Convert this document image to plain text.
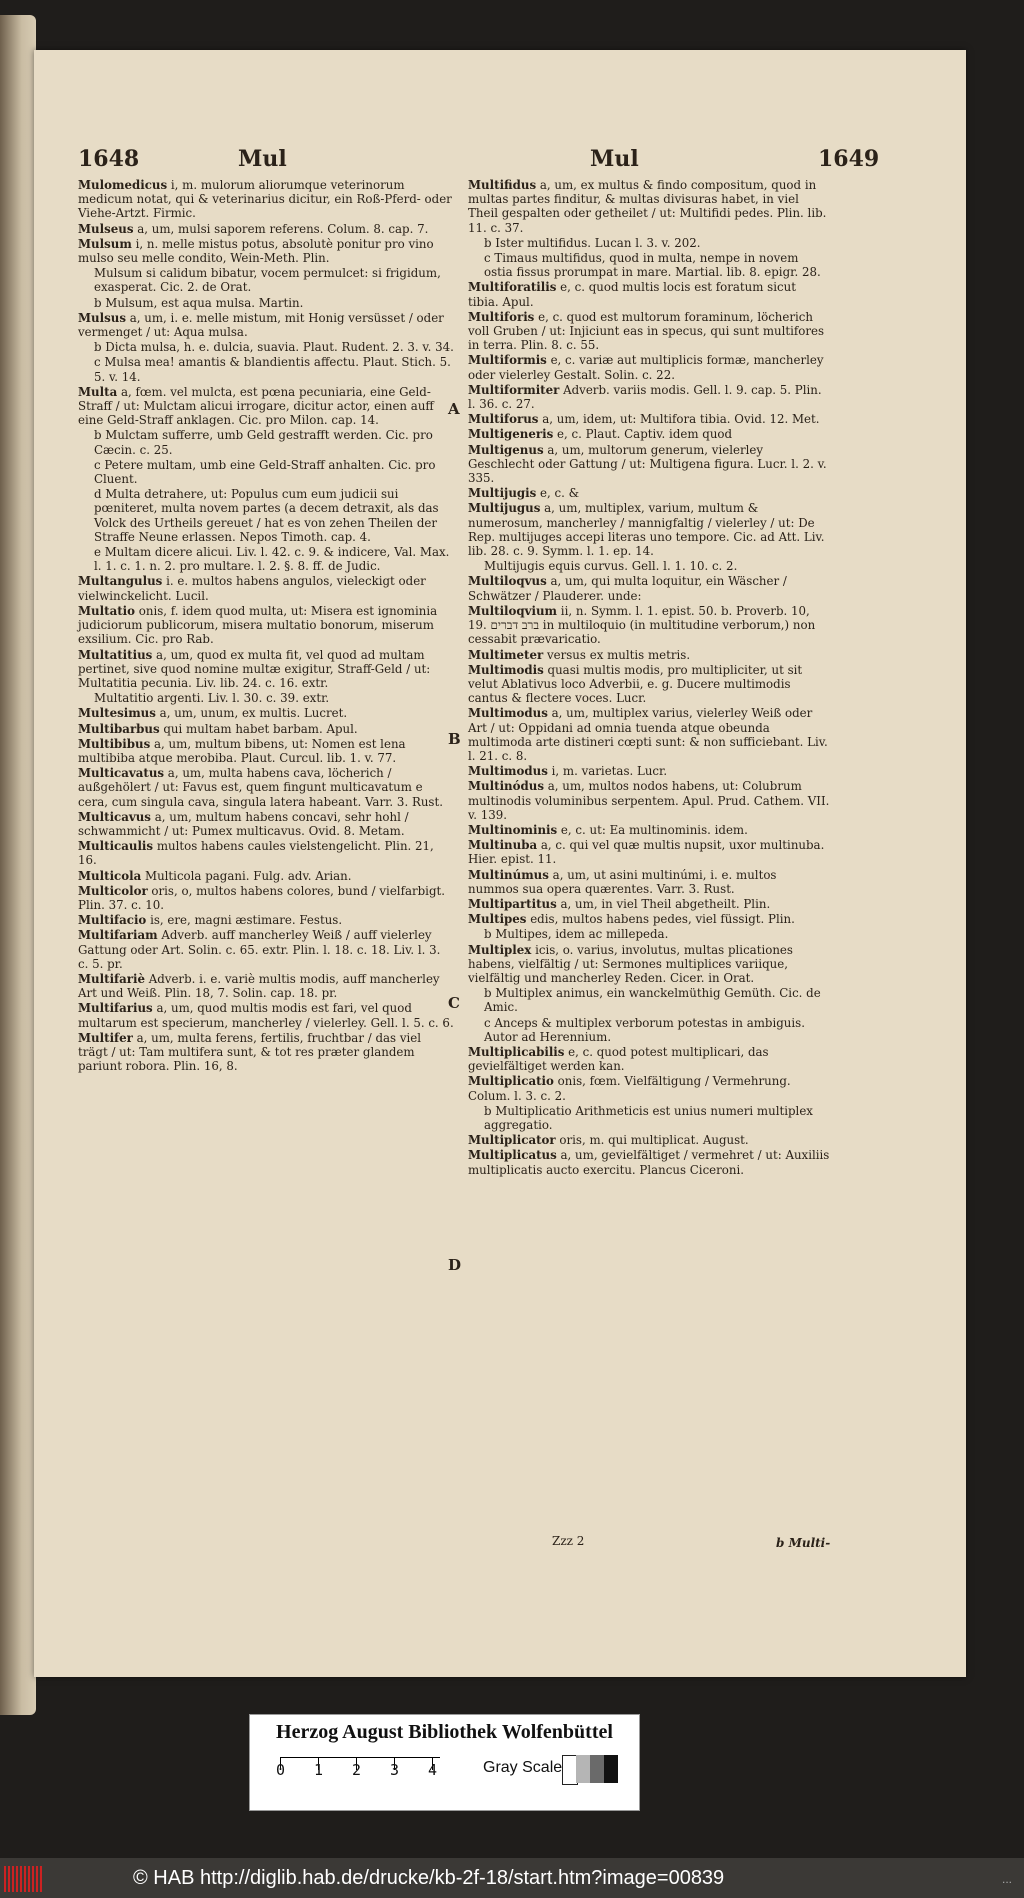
1648	Mul	Mul	1649
Mulomedicus i, m. mulorum aliorumque veterinorum medicum notat, qui & veterinarius dicitur, ein Roß-Pferd- oder Viehe-Artzt. Firmic.
Mulseus a, um, mulsi saporem referens. Colum. 8. cap. 7.
Mulsum i, n. melle mistus potus, absolutè ponitur pro vino mulso seu melle condito, Wein-Meth. Plin.
Mulsum si calidum bibatur, vocem permulcet: si frigidum, exasperat. Cic. 2. de Orat.
b Mulsum, est aqua mulsa. Martin.
Mulsus a, um, i. e. melle mistum, mit Honig versüsset / oder vermenget / ut: Aqua mulsa.
b Dicta mulsa, h. e. dulcia, suavia. Plaut. Rudent. 2. 3. v. 34.
c Mulsa mea! amantis & blandientis affectu. Plaut. Stich. 5. 5. v. 14.
Multa a, fœm. vel mulcta, est pœna pecuniaria, eine Geld-Straff / ut: Mulctam alicui irrogare, dicitur actor, einen auff eine Geld-Straff anklagen. Cic. pro Milon. cap. 14.
b Mulctam sufferre, umb Geld gestrafft werden. Cic. pro Cæcin. c. 25.
c Petere multam, umb eine Geld-Straff anhalten. Cic. pro Cluent.
d Multa detrahere, ut: Populus cum eum judicii sui pœniteret, multa novem partes (a decem detraxit, als das Volck des Urtheils gereuet / hat es von zehen Theilen der Straffe Neune erlassen. Nepos Timoth. cap. 4.
e Multam dicere alicui. Liv. l. 42. c. 9. & indicere, Val. Max. l. 1. c. 1. n. 2. pro multare. l. 2. §. 8. ff. de Judic.
Multangulus i. e. multos habens angulos, vieleckigt oder vielwinckelicht. Lucil.
Multatio onis, f. idem quod multa, ut: Misera est ignominia judiciorum publicorum, misera multatio bonorum, miserum exsilium. Cic. pro Rab.
Multatitius a, um, quod ex multa fit, vel quod ad multam pertinet, sive quod nomine multæ exigitur, Straff-Geld / ut: Multatitia pecunia. Liv. lib. 24. c. 16. extr.
Multatitio argenti. Liv. l. 30. c. 39. extr.
Multesimus a, um, unum, ex multis. Lucret.
Multibarbus qui multam habet barbam. Apul.
Multibibus a, um, multum bibens, ut: Nomen est lena multibiba atque merobiba. Plaut. Curcul. lib. 1. v. 77.
Multicavatus a, um, multa habens cava, löcherich / außgehölert / ut: Favus est, quem fingunt multicavatum e cera, cum singula cava, singula latera habeant. Varr. 3. Rust.
Multicavus a, um, multum habens concavi, sehr hohl / schwammicht / ut: Pumex multicavus. Ovid. 8. Metam.
Multicaulis multos habens caules vielstengelicht. Plin. 21, 16.
Multicola Multicola pagani. Fulg. adv. Arian.
Multicolor oris, o, multos habens colores, bund / vielfarbigt. Plin. 37. c. 10.
Multifacio is, ere, magni æstimare. Festus.
Multifariam Adverb. auff mancherley Weiß / auff vielerley Gattung oder Art. Solin. c. 65. extr. Plin. l. 18. c. 18. Liv. l. 3. c. 5. pr.
Multifariè Adverb. i. e. variè multis modis, auff mancherley Art und Weiß. Plin. 18, 7. Solin. cap. 18. pr.
Multifarius a, um, quod multis modis est fari, vel quod multarum est specierum, mancherley / vielerley. Gell. l. 5. c. 6.
Multifer a, um, multa ferens, fertilis, fruchtbar / das viel trägt / ut: Tam multifera sunt, & tot res præter glandem pariunt robora. Plin. 16, 8.
Multifidus a, um, ex multus & findo compositum, quod in multas partes finditur, & multas divisuras habet, in viel Theil gespalten oder getheilet / ut: Multifidi pedes. Plin. lib. 11. c. 37.
b Ister multifidus. Lucan l. 3. v. 202.
c Timaus multifidus, quod in multa, nempe in novem ostia fissus prorumpat in mare. Martial. lib. 8. epigr. 28.
Multiforatilis e, c. quod multis locis est foratum sicut tibia. Apul.
Multiforis e, c. quod est multorum foraminum, löcherich voll Gruben / ut: Injiciunt eas in specus, qui sunt multifores in terra. Plin. 8. c. 55.
Multiformis e, c. variæ aut multiplicis formæ, mancherley oder vielerley Gestalt. Solin. c. 22.
Multiformiter Adverb. variis modis. Gell. l. 9. cap. 5. Plin. l. 36. c. 27.
Multiforus a, um, idem, ut: Multifora tibia. Ovid. 12. Met.
Multigeneris e, c. Plaut. Captiv. idem quod
Multigenus a, um, multorum generum, vielerley Geschlecht oder Gattung / ut: Multigena figura. Lucr. l. 2. v. 335.
Multijugis e, c. &
Multijugus a, um, multiplex, varium, multum & numerosum, mancherley / mannigfaltig / vielerley / ut: De Rep. multijuges accepi literas uno tempore. Cic. ad Att. Liv. lib. 28. c. 9. Symm. l. 1. ep. 14.
Multijugis equis curvus. Gell. l. 1. 10. c. 2.
Multiloqvus a, um, qui multa loquitur, ein Wäscher / Schwätzer / Plauderer. unde:
Multiloqvium ii, n. Symm. l. 1. epist. 50. b. Proverb. 10, 19. ברב דברים in multiloquio (in multitudine verborum,) non cessabit prævaricatio.
Multimeter versus ex multis metris.
Multimodis quasi multis modis, pro multipliciter, ut sit velut Ablativus loco Adverbii, e. g. Ducere multimodis cantus & flectere voces. Lucr.
Multimodus a, um, multiplex varius, vielerley Weiß oder Art / ut: Oppidani ad omnia tuenda atque obeunda multimoda arte distineri cœpti sunt: & non sufficiebant. Liv. l. 21. c. 8.
Multimodus i, m. varietas. Lucr.
Multinódus a, um, multos nodos habens, ut: Colubrum multinodis voluminibus serpentem. Apul. Prud. Cathem. VII. v. 139.
Multinominis e, c. ut: Ea multinominis. idem.
Multinuba a, c. qui vel quæ multis nupsit, uxor multinuba. Hier. epist. 11.
Multinúmus a, um, ut asini multinúmi, i. e. multos nummos sua opera quærentes. Varr. 3. Rust.
Multipartitus a, um, in viel Theil abgetheilt. Plin.
Multipes edis, multos habens pedes, viel füssigt. Plin.
b Multipes, idem ac millepeda.
Multiplex icis, o. varius, involutus, multas plicationes habens, vielfältig / ut: Sermones multiplices variique, vielfältig und mancherley Reden. Cicer. in Orat.
b Multiplex animus, ein wanckelmüthig Gemüth. Cic. de Amic.
c Anceps & multiplex verborum potestas in ambiguis. Autor ad Herennium.
Multiplicabilis e, c. quod potest multiplicari, das gevielfältiget werden kan.
Multiplicatio onis, fœm. Vielfältigung / Vermehrung. Colum. l. 3. c. 2.
b Multiplicatio Arithmeticis est unius numeri multiplex aggregatio.
Multiplicator oris, m. qui multiplicat. August.
Multiplicatus a, um, gevielfältiget / vermehret / ut: Auxiliis multiplicatis aucto exercitu. Plancus Ciceroni.
A
B
C
D
Zzz 2	b Multi-
Herzog August Bibliothek Wolfenbüttel
0 1 2 3 4	Gray Scale
© HAB http://diglib.hab.de/drucke/kb-2f-18/start.htm?image=00839	...
